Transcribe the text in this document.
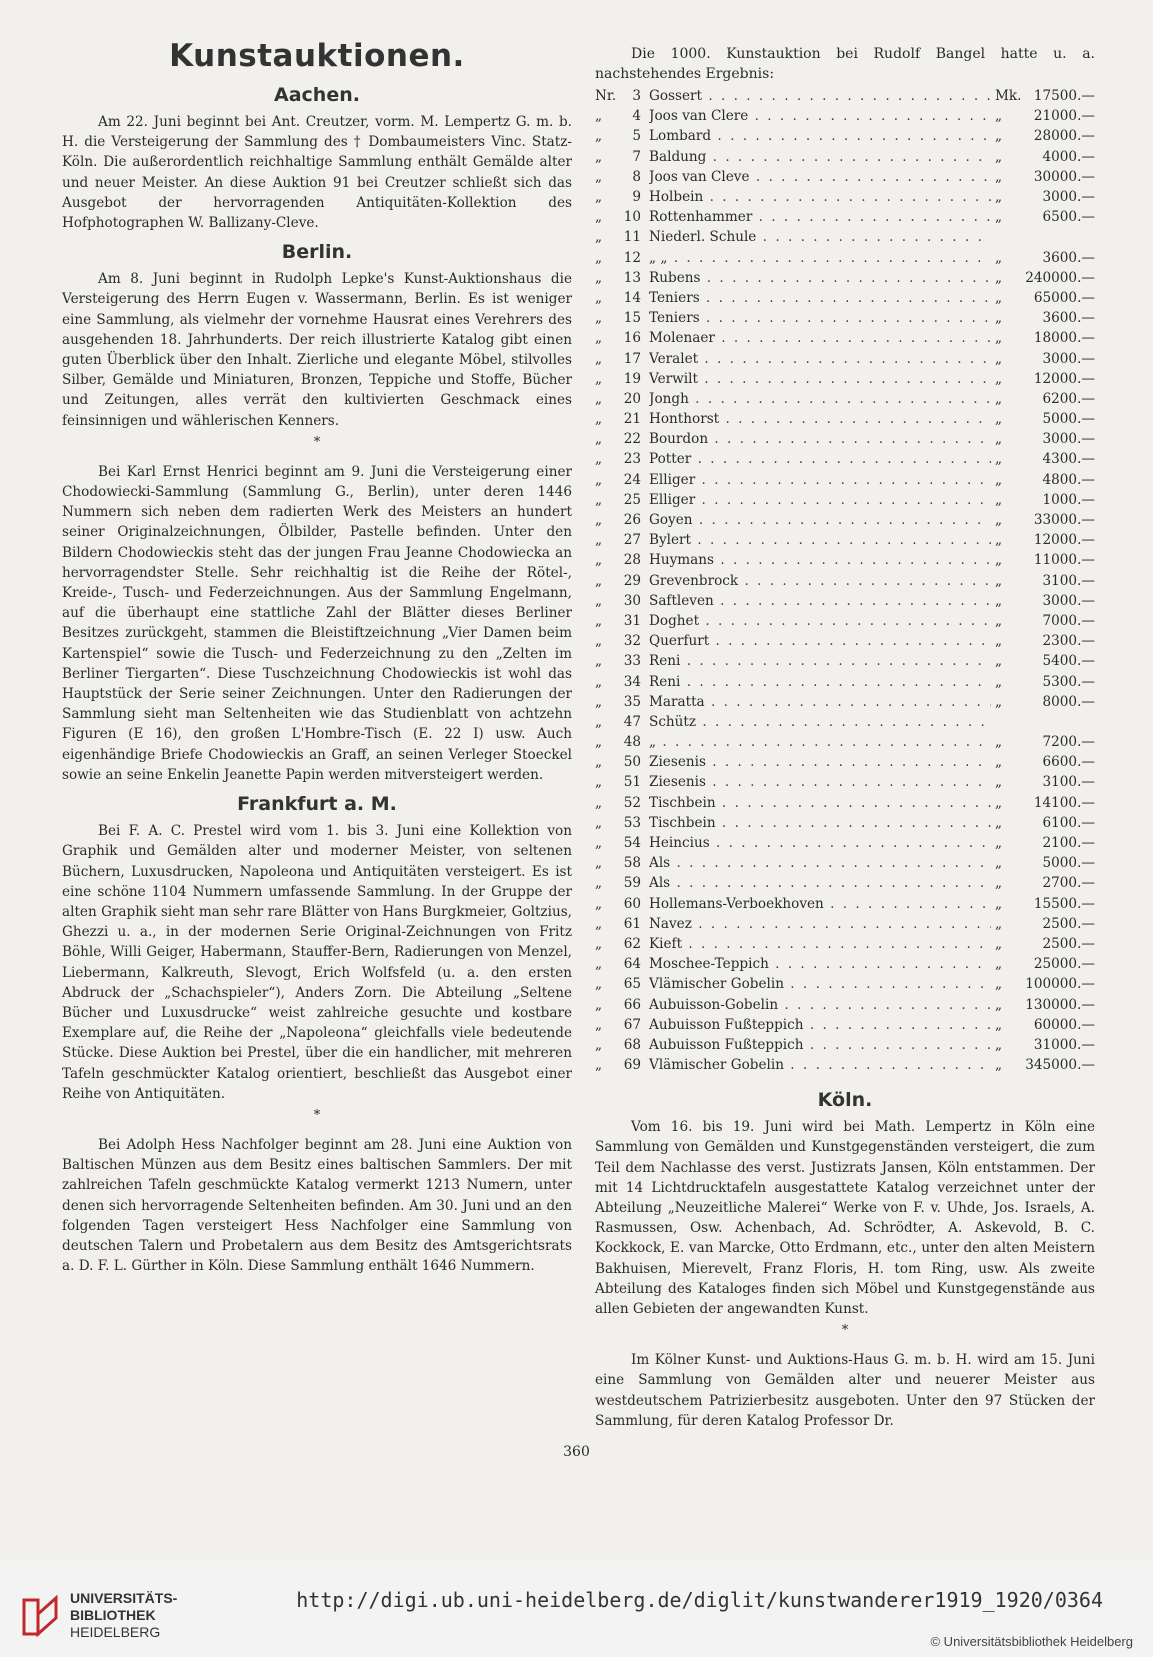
Kunstauktionen.
Aachen.

Am 22. Juni beginnt bei Ant. Creutzer, vorm. M. Lempertz G. m. b. H. die Versteigerung der Sammlung des † Dombaumeisters Vinc. Statz-Köln. Die außerordentlich reichhaltige Sammlung enthält Gemälde alter und neuer Meister. An diese Auktion 91 bei Creutzer schließt sich das Ausgebot der hervorragenden Antiquitäten-Kollektion des Hofphotographen W. Ballizany-Cleve.

Berlin.

Am 8. Juni beginnt in Rudolph Lepke's Kunst-Auktionshaus die Versteigerung des Herrn Eugen v. Wassermann, Berlin. Es ist weniger eine Sammlung, als vielmehr der vornehme Hausrat eines Verehrers des ausgehenden 18. Jahrhunderts. Der reich illustrierte Katalog gibt einen guten Überblick über den Inhalt. Zierliche und elegante Möbel, stilvolles Silber, Gemälde und Miniaturen, Bronzen, Teppiche und Stoffe, Bücher und Zeitungen, alles verrät den kultivierten Geschmack eines feinsinnigen und wählerischen Kenners.

*

Bei Karl Ernst Henrici beginnt am 9. Juni die Versteigerung einer Chodowiecki-Sammlung (Sammlung G., Berlin), unter deren 1446 Nummern sich neben dem radierten Werk des Meisters an hundert seiner Originalzeichnungen, Ölbilder, Pastelle befinden. Unter den Bildern Chodowieckis steht das der jungen Frau Jeanne Chodowiecka an hervorragendster Stelle. Sehr reichhaltig ist die Reihe der Rötel-, Kreide-, Tusch- und Federzeichnungen. Aus der Sammlung Engelmann, auf die überhaupt eine stattliche Zahl der Blätter dieses Berliner Besitzes zurückgeht, stammen die Bleistiftzeichnung „Vier Damen beim Kartenspiel“ sowie die Tusch- und Federzeichnung zu den „Zelten im Berliner Tiergarten“. Diese Tuschzeichnung Chodowieckis ist wohl das Hauptstück der Serie seiner Zeichnungen. Unter den Radierungen der Sammlung sieht man Seltenheiten wie das Studienblatt von achtzehn Figuren (E 16), den großen L'Hombre-Tisch (E. 22 I) usw. Auch eigenhändige Briefe Chodowieckis an Graff, an seinen Verleger Stoeckel sowie an seine Enkelin Jeanette Papin werden mitversteigert werden.

Frankfurt a. M.

Bei F. A. C. Prestel wird vom 1. bis 3. Juni eine Kollektion von Graphik und Gemälden alter und moderner Meister, von seltenen Büchern, Luxusdrucken, Napoleona und Antiquitäten versteigert. Es ist eine schöne 1104 Nummern umfassende Sammlung. In der Gruppe der alten Graphik sieht man sehr rare Blätter von Hans Burgkmeier, Goltzius, Ghezzi u. a., in der modernen Serie Original-Zeichnungen von Fritz Böhle, Willi Geiger, Habermann, Stauffer-Bern, Radierungen von Menzel, Liebermann, Kalkreuth, Slevogt, Erich Wolfsfeld (u. a. den ersten Abdruck der „Schachspieler“), Anders Zorn. Die Abteilung „Seltene Bücher und Luxusdrucke“ weist zahlreiche gesuchte und kostbare Exemplare auf, die Reihe der „Napoleona“ gleichfalls viele bedeutende Stücke. Diese Auktion bei Prestel, über die ein handlicher, mit mehreren Tafeln geschmückter Katalog orientiert, beschließt das Ausgebot einer Reihe von Antiquitäten.

*

Bei Adolph Hess Nachfolger beginnt am 28. Juni eine Auktion von Baltischen Münzen aus dem Besitz eines baltischen Sammlers. Der mit zahlreichen Tafeln geschmückte Katalog vermerkt 1213 Numern, unter denen sich hervorragende Seltenheiten befinden. Am 30. Juni und an den folgenden Tagen versteigert Hess Nachfolger eine Sammlung von deutschen Talern und Probetalern aus dem Besitz des Amtsgerichtsrats a. D. F. L. Gürther in Köln. Diese Sammlung enthält 1646 Nummern.

Die 1000. Kunstauktion bei Rudolf Bangel hatte u. a. nachstehendes Ergebnis:

Nr.	3 Gossert . . .	Mk. 17500.—
„	4 Joos van Clere . . .	„	21000.—
„	5 Lombard . . .	„	28000.—
„	7 Baldung . . .	„	4000.—
„	8 Joos van Cleve . . .	„	30000.—
„	9 Holbein . . .	„	3000.—
„	10 Rottenhammer . . .	„	6500.—
„	11 Niederl. Schule . . .
„	12 „ „ . . .	„	3600.—
„	13 Rubens . . .	„	240000.—
„	14 Teniers . . .	„	65000.—
„	15 Teniers . . .	„	3600.—
„	16 Molenaer . . .	„	18000.—
„	17 Veralet . . .	„	3000.—
„	19 Verwilt . . .	„	12000.—
„	20 Jongh . . .	„	6200.—
„	21 Honthorst . . .	„	5000.—
„	22 Bourdon . . .	„	3000.—
„	23 Potter . . .	„	4300.—
„	24 Elliger . . .	„	4800.—
„	25 Elliger . . .	„	1000.—
„	26 Goyen . . .	„	33000.—
„	27 Bylert . . .	„	12000.—
„	28 Huymans . . .	„	11000.—
„	29 Grevenbrock . . .	„	3100.—
„	30 Saftleven . . .	„	3000.—
„	31 Doghet . . .	„	7000.—
„	32 Querfurt . . .	„	2300.—
„	33 Reni . . .	„	5400.—
„	34 Reni . . .	„	5300.—
„	35 Maratta . . .	„	8000.—
„	47 Schütz . . .
„	48 „ . . .	„	7200.—
„	50 Ziesenis . . .	„	6600.—
„	51 Ziesenis . . .	„	3100.—
„	52 Tischbein . . .	„	14100.—
„	53 Tischbein . . .	„	6100.—
„	54 Heincius . . .	„	2100.—
„	58 Als . . .	„	5000.—
„	59 Als . . .	„	2700.—
„	60 Hollemans-Verboekhoven . . .	„	15500.—
„	61 Navez . . .	„	2500.—
„	62 Kieft . . .	„	2500.—
„	64 Moschee-Teppich . . .	„	25000.—
„	65 Vlämischer Gobelin . . .	„	100000.—
„	66 Aubuisson-Gobelin . . .	„	130000.—
„	67 Aubuisson Fußteppich . . .	„	60000.—
„	68 Aubuisson Fußteppich . . .	„	31000.—
„	69 Vlämischer Gobelin . . .	„	345000.—
Köln.

Vom 16. bis 19. Juni wird bei Math. Lempertz in Köln eine Sammlung von Gemälden und Kunstgegenständen versteigert, die zum Teil dem Nachlasse des verst. Justizrats Jansen, Köln entstammen. Der mit 14 Lichtdrucktafeln ausgestattete Katalog verzeichnet unter der Abteilung „Neuzeitliche Malerei“ Werke von F. v. Uhde, Jos. Israels, A. Rasmussen, Osw. Achenbach, Ad. Schrödter, A. Askevold, B. C. Kockkock, E. van Marcke, Otto Erdmann, etc., unter den alten Meistern Bakhuisen, Mierevelt, Franz Floris, H. tom Ring, usw. Als zweite Abteilung des Kataloges finden sich Möbel und Kunstgegenstände aus allen Gebieten der angewandten Kunst.

*

Im Kölner Kunst- und Auktions-Haus G. m. b. H. wird am 15. Juni eine Sammlung von Gemälden alter und neuerer Meister aus westdeutschem Patrizierbesitz ausgeboten. Unter den 97 Stücken der Sammlung, für deren Katalog Professor Dr.

360
UNIVERSITÄTS-
BIBLIOTHEK
HEIDELBERG
http://digi.ub.uni-heidelberg.de/diglit/kunstwanderer1919_1920/0364
© Universitätsbibliothek Heidelberg
